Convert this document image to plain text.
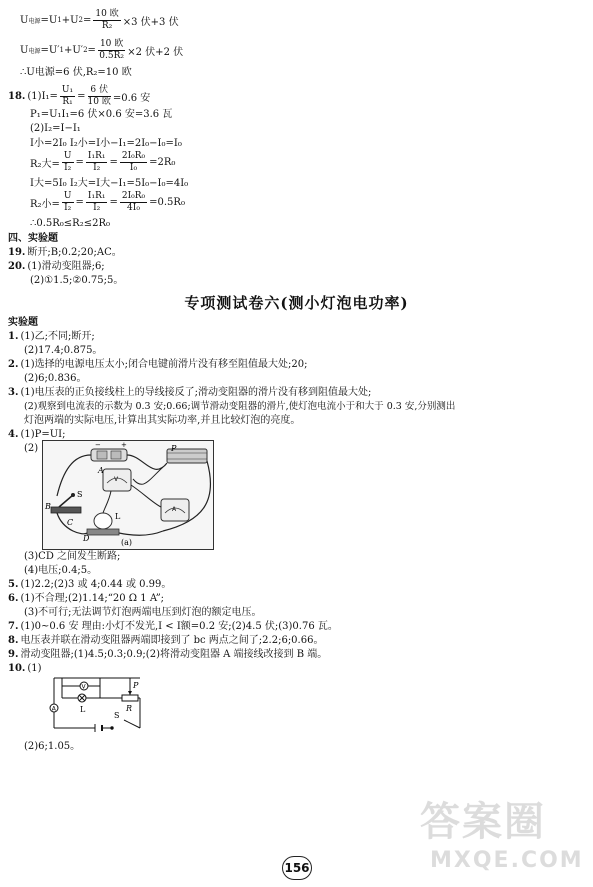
U 电源 =U 1 +U $2 = \frac{\text{10 欧}}{\text{R₂}} \times 3$ 伏+3 伏
U 电源 =U′ 1 +U′ $2 = \frac{\text{10 欧}}{\text{0.5R₂}} \times 2$ 伏+2 伏
∴U电源=6 伏,R₂=10 欧
18. $(1)I_1= \frac{\text{U₁}}{\text{R₁}} = \frac{\text{6 伏}}{\text{10 欧}} =0.6$ 安
P₁=U₁I₁=6 伏×0.6 安=3.6 瓦
(2)I₂=I−I₁
I小=2I₀ I₂小=I小−I₁=2I₀−I₀=I₀
R₂大= $\frac{U}{\text{I₂}} = \frac{\text{I₁R₁}}{\text{I₂}} = \frac{\text{2I₀R₀}}{\text{I₀}} =2R_0$
I大=5I₀ I₂大=I大−I₁=5I₀−I₀=4I₀
R₂小= $\frac{U}{\text{I₂}} = \frac{\text{I₁R₁}}{\text{I₂}} = \frac{\text{2I₀R₀}}{\text{4I₀}} =0.5R_0$
∴0.5R₀≤R₂≤2R₀
四、实验题
19. 断开;B;0.2;20;AC。
20. (1)滑动变阻器;6;
(2)①1.5;②0.75;5。
专项测试卷六(测小灯泡电功率)
实验题
1. (1)乙;不同;断开;
(2)17.4;0.875。
2. (1)选择的电源电压太小;闭合电键前滑片没有移至阻值最大处;20;
(2)6;0.836。
3. (1)电压表的正负接线柱上的导线接反了;滑动变阻器的滑片没有移到阻值最大处;
(2)观察到电流表的示数为 0.3 安;0.66;调节滑动变阻器的滑片,使灯泡电流小于和大于 0.3 安,分别测出
灯泡两端的实际电压,计算出其实际功率,并且比较灯泡的亮度。
4. (1)P=UI;
(2)
A
P
B
C
D
S
L
V
A
−	+
(a)
(3)CD 之间发生断路;
(4)电压;0.4;5。
5. (1)2.2;(2)3 或 4;0.44 或 0.99。
6. (1)不合理;(2)1.14;“20 Ω 1 A”;
(3)不可行;无法调节灯泡两端电压到灯泡的额定电压。
7. (1)0~0.6 安 理由:小灯不发光,I < I额=0.2 安;(2)4.5 伏;(3)0.76 瓦。
8. 电压表并联在滑动变阻器两端即接到了 bc 两点之间了;2.2;6;0.66。
9. 滑动变阻器;(1)4.5;0.3;0.9;(2)将滑动变阻器 A 端接线改接到 B 端。
10. (1)
V
L	R
P
A
S
(2)6;1.05。
答案圈
MXQE.COM
156
